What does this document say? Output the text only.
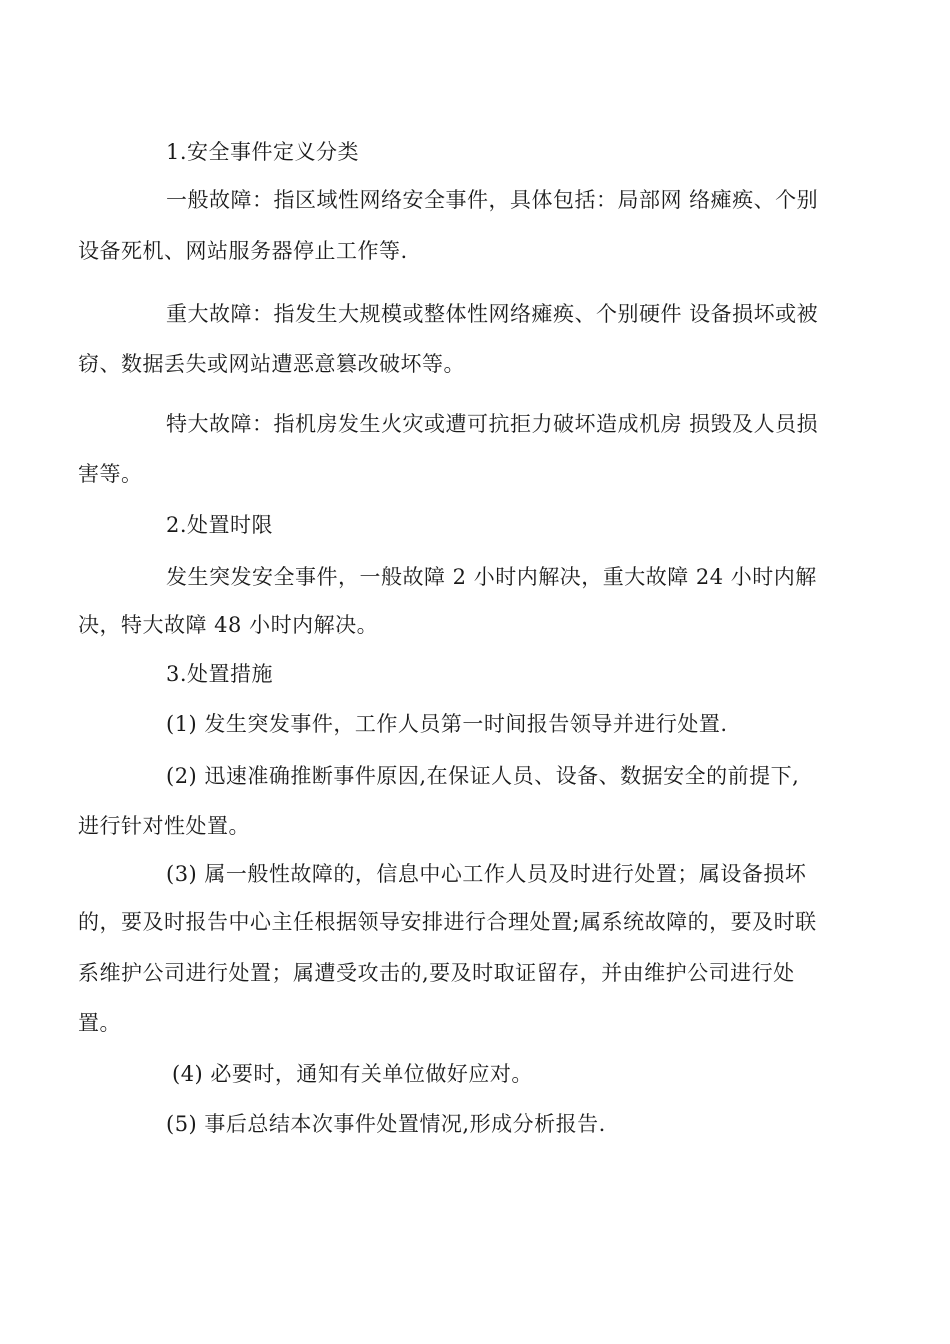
1.安全事件定义分类
一般故障：指区域性网络安全事件，具体包括：局部网 络瘫痪、个别
设备死机、网站服务器停止工作等.
重大故障：指发生大规模或整体性网络瘫痪、个别硬件 设备损坏或被
窃、数据丢失或网站遭恶意篡改破坏等。
特大故障：指机房发生火灾或遭可抗拒力破坏造成机房 损毁及人员损
害等。
2.处置时限
发生突发安全事件，一般故障 2 小时内解决，重大故障 24 小时内解
决，特大故障 48 小时内解决。
3.处置措施
(1) 发生突发事件，工作人员第一时间报告领导并进行处置.
(2) 迅速准确推断事件原因,在保证人员、设备、数据安全的前提下,
进行针对性处置。
(3) 属一般性故障的，信息中心工作人员及时进行处置；属设备损坏
的，要及时报告中心主任根据领导安排进行合理处置;属系统故障的，要及时联
系维护公司进行处置；属遭受攻击的,要及时取证留存，并由维护公司进行处
置。
(4) 必要时，通知有关单位做好应对。
(5) 事后总结本次事件处置情况,形成分析报告.
